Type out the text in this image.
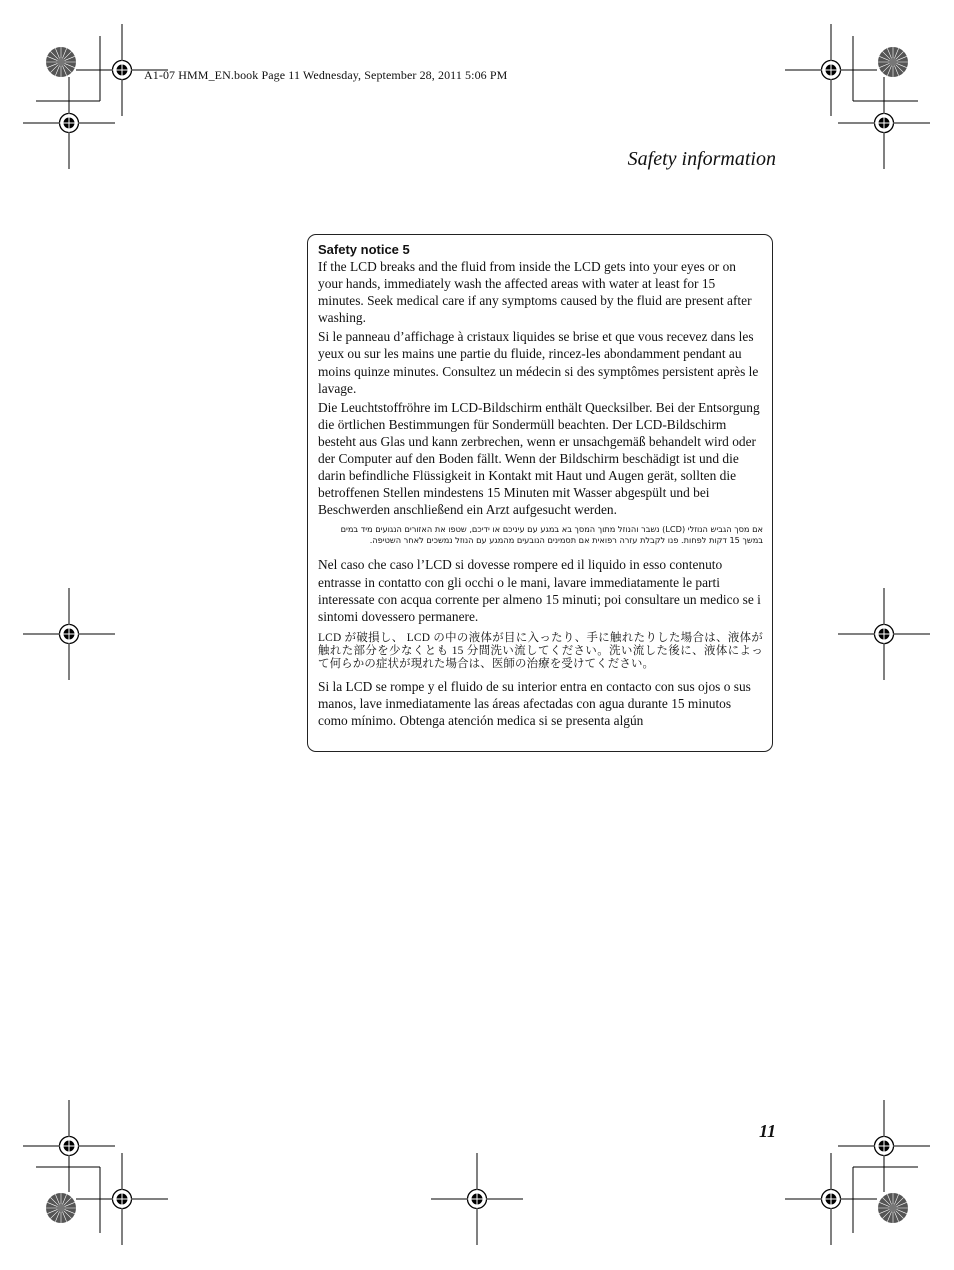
A1-07 HMM_EN.book Page 11 Wednesday, September 28, 2011 5:06 PM
Safety information
Safety notice 5

If the LCD breaks and the fluid from inside the LCD gets into your eyes or on your hands, immediately wash the affected areas with water at least for 15 minutes. Seek medical care if any symptoms caused by the fluid are present after washing.

Si le panneau d’affichage à cristaux liquides se brise et que vous recevez dans les yeux ou sur les mains une partie du fluide, rincez-les abondamment pendant au moins quinze minutes. Consultez un médecin si des symptômes persistent après le lavage.

Die Leuchtstoffröhre im LCD-Bildschirm enthält Quecksilber. Bei der Entsorgung die örtlichen Bestimmungen für Sondermüll beachten. Der LCD-Bildschirm besteht aus Glas und kann zerbrechen, wenn er unsachgemäß behandelt wird oder der Computer auf den Boden fällt. Wenn der Bildschirm beschädigt ist und die darin befindliche Flüssigkeit in Kontakt mit Haut und Augen gerät, sollten die betroffenen Stellen mindestens 15 Minuten mit Wasser abgespült und bei Beschwerden anschließend ein Arzt aufgesucht werden.

אם מסך הגביש הנוזלי (LCD) נשבר והנוזל מתוך המסך בא במגע עם עיניכם או ידיכם, שטפו את האזורים הנגועים מיד במים במשך 15 דקות לפחות. פנו לקבלת עזרה רפואית אם תסמינים הנובעים מהמגע עם הנוזל נמשכים לאחר השטיפה.

Nel caso che caso l’LCD si dovesse rompere ed il liquido in esso contenuto entrasse in contatto con gli occhi o le mani, lavare immediatamente le parti interessate con acqua corrente per almeno 15 minuti; poi consultare un medico se i sintomi dovessero permanere.

LCD が破損し、 LCD の中の液体が目に入ったり、手に触れたりした場合は、液体が触れた部分を少なくとも 15 分間洗い流してください。洗い流した後に、液体によって何らかの症状が現れた場合は、医師の治療を受けてください。

Si la LCD se rompe y el fluido de su interior entra en contacto con sus ojos o sus manos, lave inmediatamente las áreas afectadas con agua durante 15 minutos como mínimo. Obtenga atención medica si se presenta algún

11
